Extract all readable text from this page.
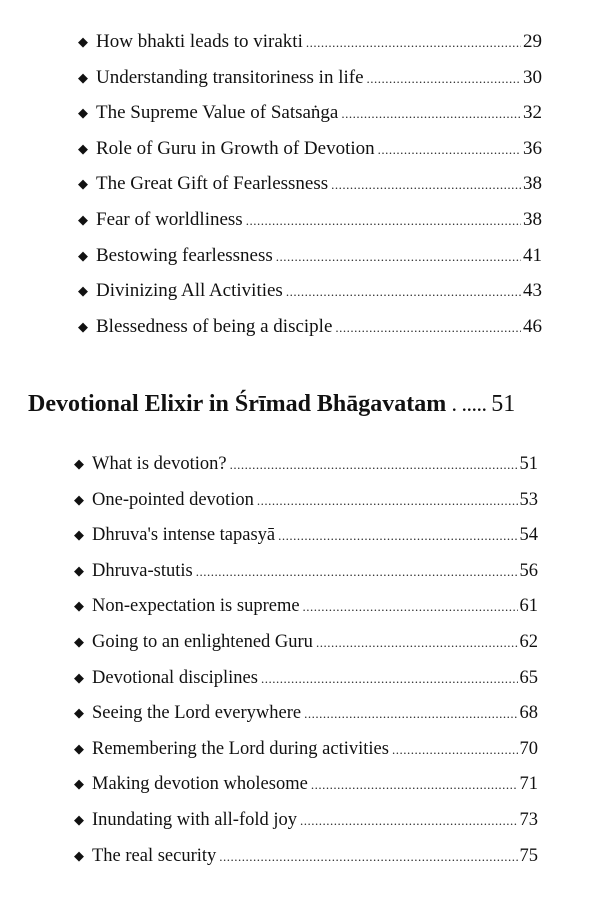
◆ How bhakti leads to virakti .....	29
◆ Understanding transitoriness in life .....	30
◆ The Supreme Value of Satsaṅga .....	32
◆ Role of Guru in Growth of Devotion .....	36
◆ The Great Gift of Fearlessness .....	38
◆ Fear of worldliness .....	38
◆ Bestowing fearlessness .....	41
◆ Divinizing All Activities .....	43
◆ Blessedness of being a disciple .....	46
Devotional Elixir in Śrīmad Bhāgavatam . ..... 51
◆ What is devotion? .....	51
◆ One-pointed devotion .....	53
◆ Dhruva's intense tapasyā .....	54
◆ Dhruva-stutis .....	56
◆ Non-expectation is supreme .....	61
◆ Going to an enlightened Guru .....	62
◆ Devotional disciplines .....	65
◆ Seeing the Lord everywhere .....	68
◆ Remembering the Lord during activities .....	70
◆ Making devotion wholesome .....	71
◆ Inundating with all-fold joy .....	73
◆ The real security .....	75
